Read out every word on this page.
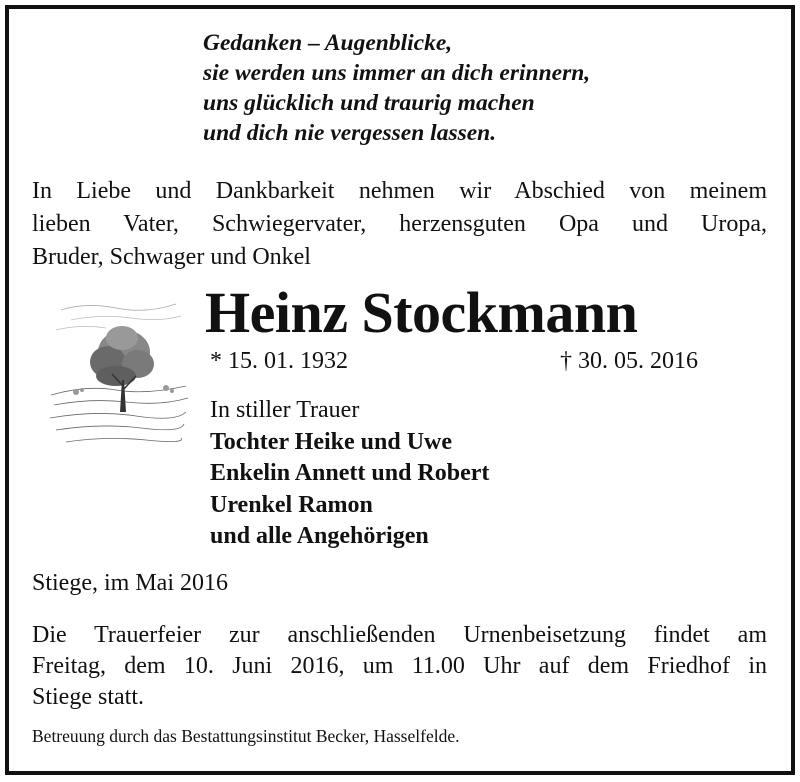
Gedanken – Augenblicke,
sie werden uns immer an dich erinnern,
uns glücklich und traurig machen
und dich nie vergessen lassen.
In Liebe und Dankbarkeit nehmen wir Abschied von meinem
lieben Vater, Schwiegervater, herzensguten Opa und Uropa,
Bruder, Schwager und Onkel
Heinz Stockmann
* 15. 01. 1932	† 30. 05. 2016
In stiller Trauer
Tochter Heike und Uwe
Enkelin Annett und Robert
Urenkel Ramon
und alle Angehörigen
Stiege, im Mai 2016
Die Trauerfeier zur anschließenden Urnenbeisetzung findet am
Freitag, dem 10. Juni 2016, um 11.00 Uhr auf dem Friedhof in
Stiege statt.
Betreuung durch das Bestattungsinstitut Becker, Hasselfelde.
